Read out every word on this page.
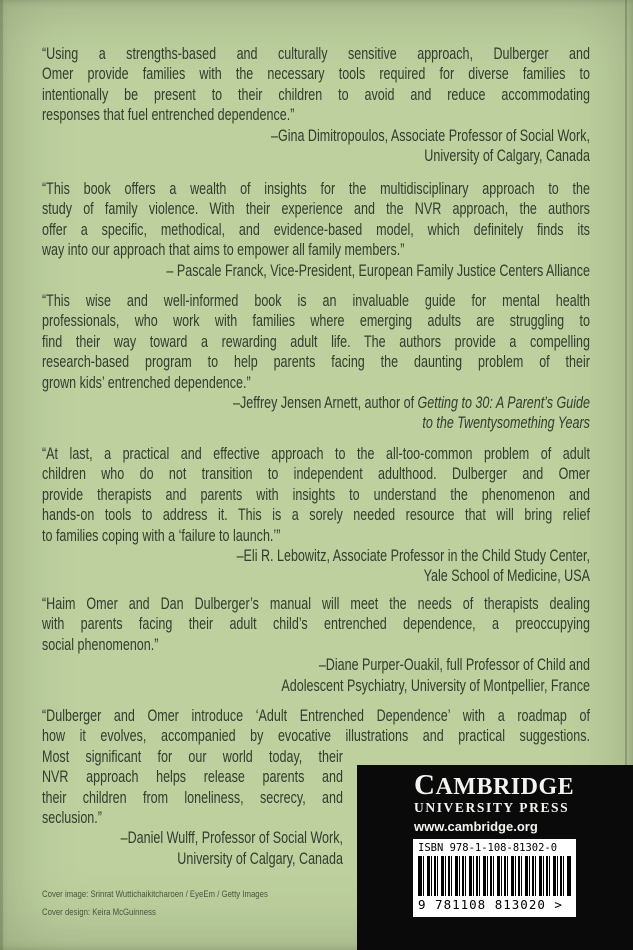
“Using a strengths-based and culturally sensitive approach, Dulberger and
Omer provide families with the necessary tools required for diverse families to
intentionally be present to their children to avoid and reduce accommodating
responses that fuel entrenched dependence.”
–Gina Dimitropoulos, Associate Professor of Social Work,
University of Calgary, Canada
“This book offers a wealth of insights for the multidisciplinary approach to the
study of family violence. With their experience and the NVR approach, the authors
offer a specific, methodical, and evidence-based model, which definitely finds its
way into our approach that aims to empower all family members.”
– Pascale Franck, Vice-President, European Family Justice Centers Alliance
“This wise and well-informed book is an invaluable guide for mental health
professionals, who work with families where emerging adults are struggling to
find their way toward a rewarding adult life. The authors provide a compelling
research-based program to help parents facing the daunting problem of their
grown kids’ entrenched dependence.”
–Jeffrey Jensen Arnett, author of Getting to 30: A Parent’s Guide
to the Twentysomething Years
“At last, a practical and effective approach to the all-too-common problem of adult
children who do not transition to independent adulthood. Dulberger and Omer
provide therapists and parents with insights to understand the phenomenon and
hands-on tools to address it. This is a sorely needed resource that will bring relief
to families coping with a ‘failure to launch.’”
–Eli R. Lebowitz, Associate Professor in the Child Study Center,
Yale School of Medicine, USA
“Haim Omer and Dan Dulberger’s manual will meet the needs of therapists dealing
with parents facing their adult child’s entrenched dependence, a preoccupying
social phenomenon.”
–Diane Purper-Ouakil, full Professor of Child and
Adolescent Psychiatry, University of Montpellier, France
“Dulberger and Omer introduce ‘Adult Entrenched Dependence’ with a roadmap of
how it evolves, accompanied by evocative illustrations and practical suggestions.
Most significant for our world today, their
NVR approach helps release parents and
their children from loneliness, secrecy, and
seclusion.”
–Daniel Wulff, Professor of Social Work,
University of Calgary, Canada
CAMBRIDGE
UNIVERSITY PRESS
www.cambridge.org
ISBN 978-1-108-81302-0
9 781108 813020 >
Cover image: Srinrat Wuttichaikitcharoen / EyeEm / Getty Images
Cover design: Keira McGuinness
